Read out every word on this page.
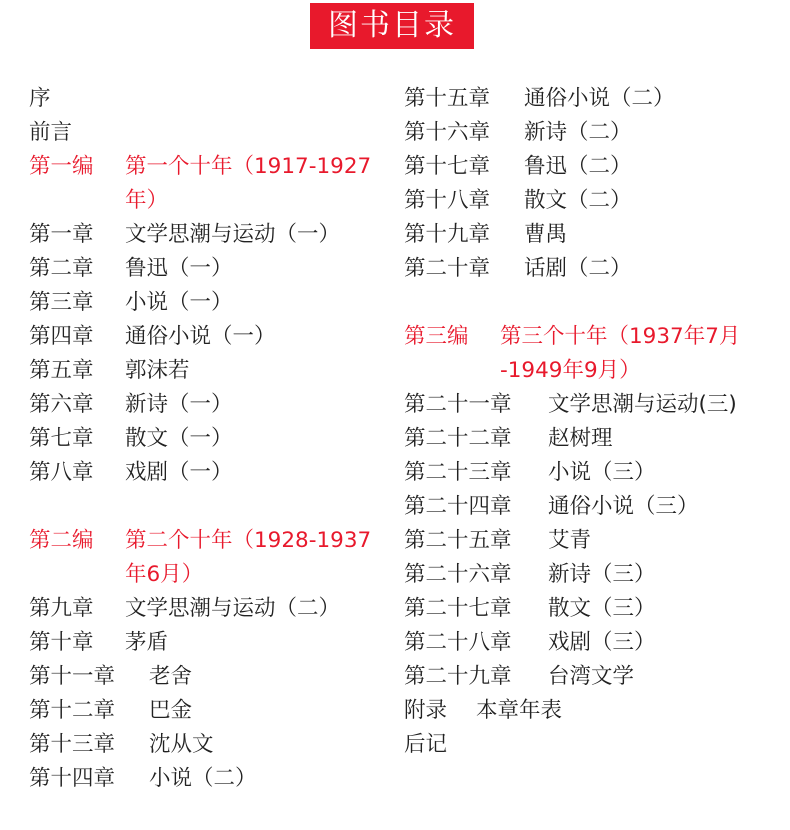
图书目录
序
前言
第一编 第一个十年（1917-1927
年）
第一章 文学思潮与运动（一）
第二章 鲁迅（一）
第三章 小说（一）
第四章 通俗小说（一）
第五章 郭沫若
第六章 新诗（一）
第七章 散文（一）
第八章 戏剧（一）
第二编 第二个十年（1928-1937
年6月）
第九章 文学思潮与运动（二）
第十章 茅盾
第十一章 老舍
第十二章 巴金
第十三章 沈从文
第十四章 小说（二）
第十五章 通俗小说（二）
第十六章 新诗（二）
第十七章 鲁迅（二）
第十八章 散文（二）
第十九章 曹禺
第二十章 话剧（二）
第三编 第三个十年（1937年7月
-1949年9月）
第二十一章 文学思潮与运动(三)
第二十二章 赵树理
第二十三章 小说（三）
第二十四章 通俗小说（三）
第二十五章 艾青
第二十六章 新诗（三）
第二十七章 散文（三）
第二十八章 戏剧（三）
第二十九章 台湾文学
附录 本章年表
后记
